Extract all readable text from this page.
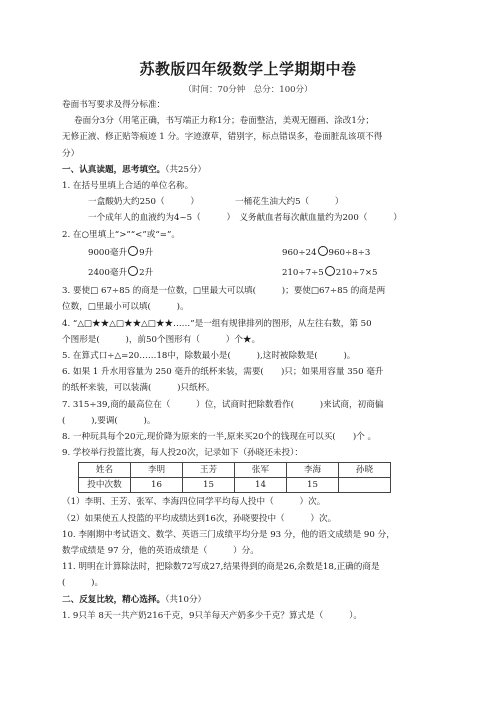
苏教版四年级数学上学期期中卷
（时间：70分钟　总分：100分）
卷面书写要求及得分标准：
卷面分3分（用笔正确，书写端正力称1分；卷面整洁，美观无圈画、涂改1分；
无修正液、修正贴等痕迹 1 分。字迹潦草，错别字，标点错误多，卷面脏乱该项不得
分）
一、认真读题，思考填空。（共25分）
1. 在括号里填上合适的单位名称。
一盒酸奶大约250（　　　）	一桶花生油大约5（　　　）
一个成年人的血液约为4~5（　　　）　义务献血者每次献血量约为200（　　　）
2. 在○里填上“>”“<”或“=”。
9000毫升 9升	960÷24 960÷8÷3
2400毫升 2升	210÷7÷5 210÷7×5
3. 要使□ 67÷85 的商是一位数，□里最大可以填(　　　)；要使□67÷85 的商是两
位数，□里最小可以填(　　　)。
4. “△□★★△□★★△□★★……”是一组有规律排列的图形，从左往右数，第 50
个图形是(　　　)，前50个图形有（　　　）个★。
5. 在算式口÷△=20……18中，除数最小是(　　　),这时被除数是(　　　)。
6. 如果 1 升水用容量为 250 毫升的纸杯来装，需要(　　)只；如果用容量 350 毫升
的纸杯来装，可以装满(　　　)只纸杯。
7. 315÷39,商的最高位在（　　　）位，试商时把除数看作(　　　)来试商，初商偏
(　　　),要调(　　　)。
8. 一种玩具每个20元,现价降为原来的一半,原来买20个的钱现在可以买(　　)个 。
9. 学校举行投篮比赛，每人投20次，记录如下（孙晓还未投）：
姓名	李明	王芳	张军	李海	孙晓
投中次数	16	15	14	15	
（1）李明、王芳、张军、李海四位同学平均每人投中（　　　）次。
（2）如果使五人投篮的平均成绩达到16次，孙晓要投中（　　　）次。
10. 李刚期中考试语文、数学、英语三门成绩平均分是 93 分，他的语文成绩是 90 分，
数学成绩是 97 分，他的英语成绩是（　　　）分。
11. 明明在计算除法时，把除数72写成27,结果得到的商是26,余数是18,正确的商是
(　　　)。
二、反复比较，精心选择。（共10分）
1. 9只羊 8天一共产奶216千克，9只羊每天产奶多少千克？算式是（　　　）。
